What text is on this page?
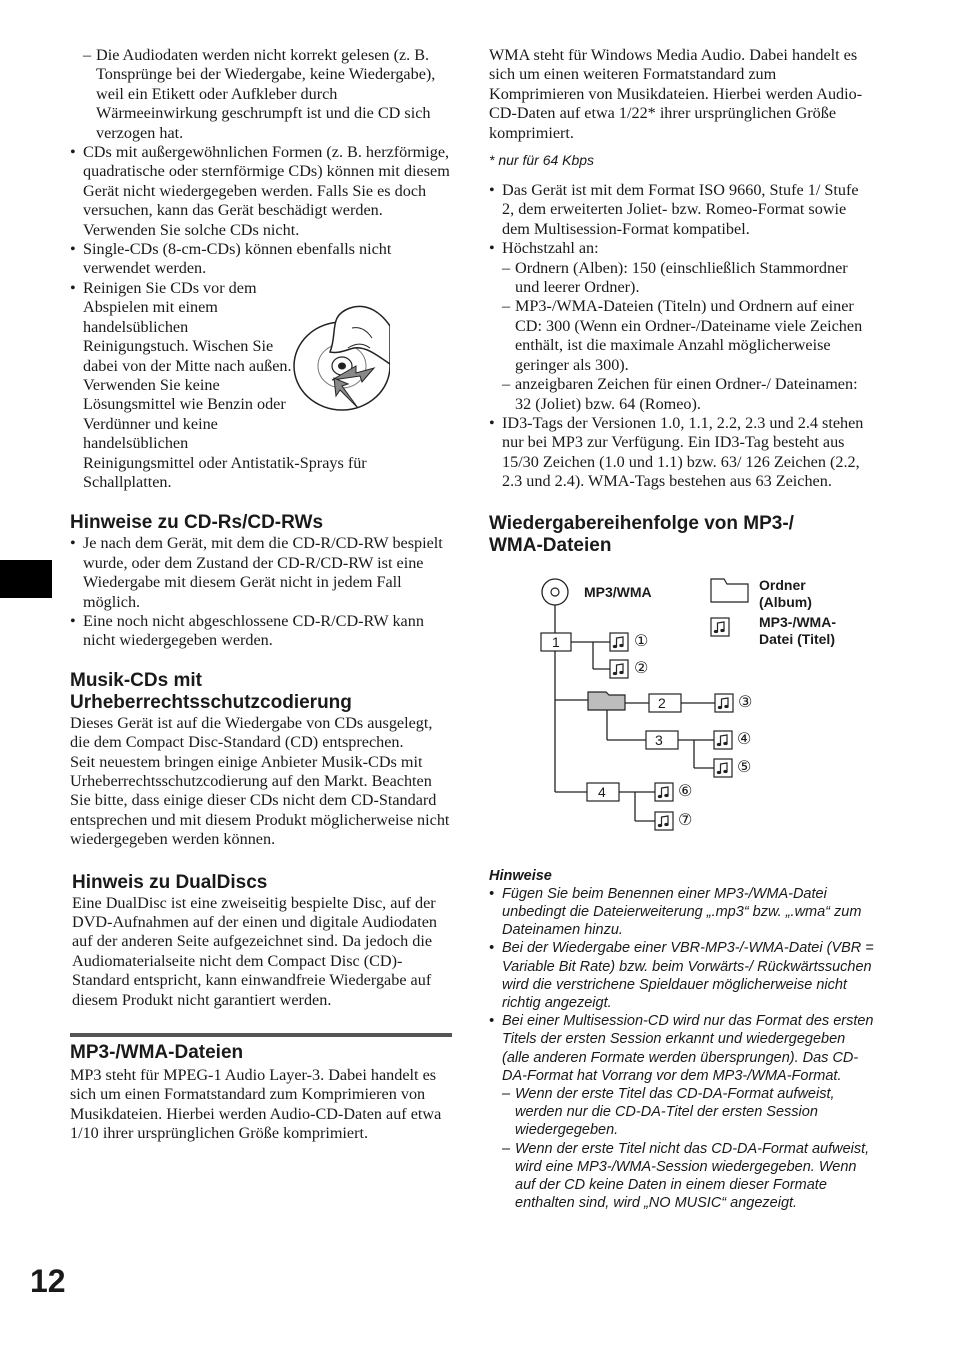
– Die Audiodaten werden nicht korrekt gelesen (z. B. Tonsprünge bei der Wiedergabe, keine Wiedergabe), weil ein Etikett oder Aufkleber durch Wärmeeinwirkung geschrumpft ist und die CD sich verzogen hat.
• CDs mit außergewöhnlichen Formen (z. B. herzförmige, quadratische oder sternförmige CDs) können mit diesem Gerät nicht wiedergegeben werden. Falls Sie es doch versuchen, kann das Gerät beschädigt werden. Verwenden Sie solche CDs nicht.
• Single-CDs (8-cm-CDs) können ebenfalls nicht verwendet werden.
• Reinigen Sie CDs vor dem
Abspielen mit einem
handelsüblichen
Reinigungstuch. Wischen Sie
dabei von der Mitte nach außen.
Verwenden Sie keine
Lösungsmittel wie Benzin oder
Verdünner und keine
handelsüblichen
Reinigungsmittel oder Antistatik-Sprays für
Schallplatten.
Hinweise zu CD-Rs/CD-RWs
• Je nach dem Gerät, mit dem die CD-R/CD-RW bespielt wurde, oder dem Zustand der CD-R/CD-RW ist eine Wiedergabe mit diesem Gerät nicht in jedem Fall möglich.
• Eine noch nicht abgeschlossene CD-R/CD-RW kann nicht wiedergegeben werden.
Musik-CDs mit
Urheberrechtsschutzcodierung

Dieses Gerät ist auf die Wiedergabe von CDs ausgelegt, die dem Compact Disc-Standard (CD) entsprechen.

Seit neuestem bringen einige Anbieter Musik-CDs mit Urheberrechtsschutzcodierung auf den Markt. Beachten Sie bitte, dass einige dieser CDs nicht dem CD-Standard entsprechen und mit diesem Produkt möglicherweise nicht wiedergegeben werden können.

Hinweis zu DualDiscs

Eine DualDisc ist eine zweiseitig bespielte Disc, auf der DVD-Aufnahmen auf der einen und digitale Audiodaten auf der anderen Seite aufgezeichnet sind. Da jedoch die Audiomaterialseite nicht dem Compact Disc (CD)-Standard entspricht, kann einwandfreie Wiedergabe auf diesem Produkt nicht garantiert werden.

MP3-/WMA-Dateien

MP3 steht für MPEG-1 Audio Layer-3. Dabei handelt es sich um einen Formatstandard zum Komprimieren von Musikdateien. Hierbei werden Audio-CD-Daten auf etwa 1/10 ihrer ursprünglichen Größe komprimiert.

WMA steht für Windows Media Audio. Dabei handelt es sich um einen weiteren Formatstandard zum Komprimieren von Musikdateien. Hierbei werden Audio-CD-Daten auf etwa 1/22* ihrer ursprünglichen Größe komprimiert.

* nur für 64 Kbps

• Das Gerät ist mit dem Format ISO 9660, Stufe 1/ Stufe 2, dem erweiterten Joliet- bzw. Romeo-Format sowie dem Multisession-Format kompatibel.
• Höchstzahl an:
– Ordnern (Alben): 150 (einschließlich Stammordner und leerer Ordner).
– MP3-/WMA-Dateien (Titeln) und Ordnern auf einer CD: 300 (Wenn ein Ordner-/Dateiname viele Zeichen enthält, ist die maximale Anzahl möglicherweise geringer als 300).
– anzeigbaren Zeichen für einen Ordner-/ Dateinamen: 32 (Joliet) bzw. 64 (Romeo).
• ID3-Tags der Versionen 1.0, 1.1, 2.2, 2.3 und 2.4 stehen nur bei MP3 zur Verfügung. Ein ID3-Tag besteht aus 15/30 Zeichen (1.0 und 1.1) bzw. 63/ 126 Zeichen (2.2, 2.3 und 2.4). WMA-Tags bestehen aus 63 Zeichen.
Wiedergabereihenfolge von MP3-/
WMA-Dateien
MP3/WMA	Ordner
(Album)
MP3-/WMA-
Datei (Titel)
1
2
3
4
①
②
③
④
⑤
⑥
⑦
Hinweise
• Fügen Sie beim Benennen einer MP3-/WMA-Datei unbedingt die Dateierweiterung „.mp3“ bzw. „.wma“ zum Dateinamen hinzu.
• Bei der Wiedergabe einer VBR-MP3-/-WMA-Datei (VBR = Variable Bit Rate) bzw. beim Vorwärts-/ Rückwärtssuchen wird die verstrichene Spieldauer möglicherweise nicht richtig angezeigt.
• Bei einer Multisession-CD wird nur das Format des ersten Titels der ersten Session erkannt und wiedergegeben (alle anderen Formate werden übersprungen). Das CD-DA-Format hat Vorrang vor dem MP3-/WMA-Format.
– Wenn der erste Titel das CD-DA-Format aufweist, werden nur die CD-DA-Titel der ersten Session wiedergegeben.
– Wenn der erste Titel nicht das CD-DA-Format aufweist, wird eine MP3-/WMA-Session wiedergegeben. Wenn auf der CD keine Daten in einem dieser Formate enthalten sind, wird „NO MUSIC“ angezeigt.
12
